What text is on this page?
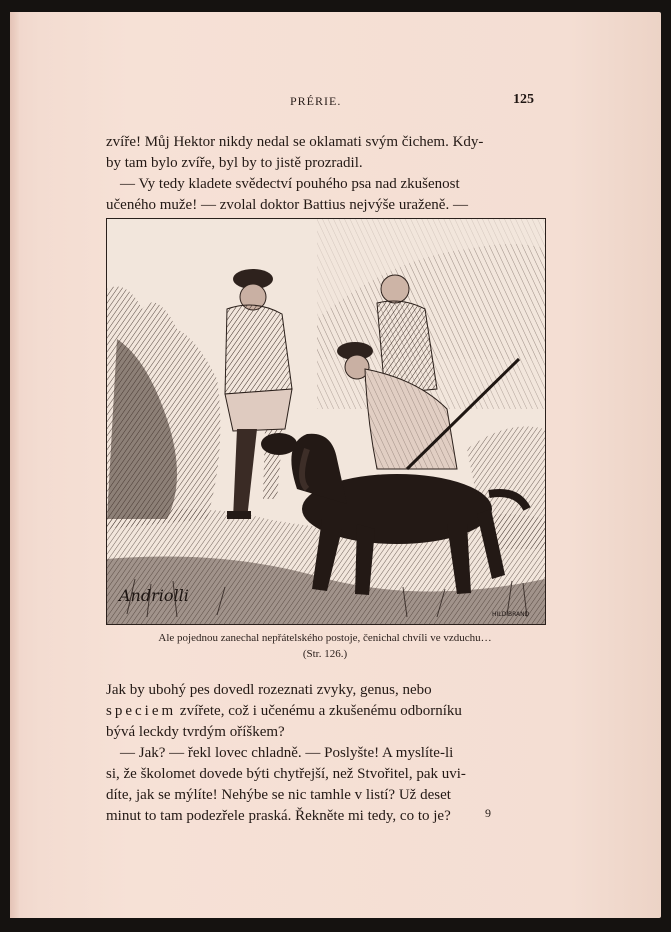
PRÉRIE.	125

zvíře! Můj Hektor nikdy nedal se oklamati svým čichem. Kdy-
by tam bylo zvíře, byl by to jistě prozradil.
— Vy tedy kladete svědectví pouhého psa nad zkušenost
učeného muže! — zvolal doktor Battius nejvýše uraženě. —

Andriolli
HILDIBRAND
Ale pojednou zanechal nepřátelského postoje, čenichal chvíli ve vzduchu…
(Str. 126.)

Jak by ubohý pes dovedl rozeznati zvyky, genus, nebo
speciem zvířete, což i učenému a zkušenému odborníku
bývá leckdy tvrdým oříškem?
— Jak? — řekl lovec chladně. — Poslyšte! A myslíte-li
si, že školomet dovede býti chytřejší, než Stvořitel, pak uvi-
díte, jak se mýlíte! Nehýbe se nic tamhle v listí? Už deset
minut to tam podezřele praská. Řekněte mi tedy, co to je?	9
